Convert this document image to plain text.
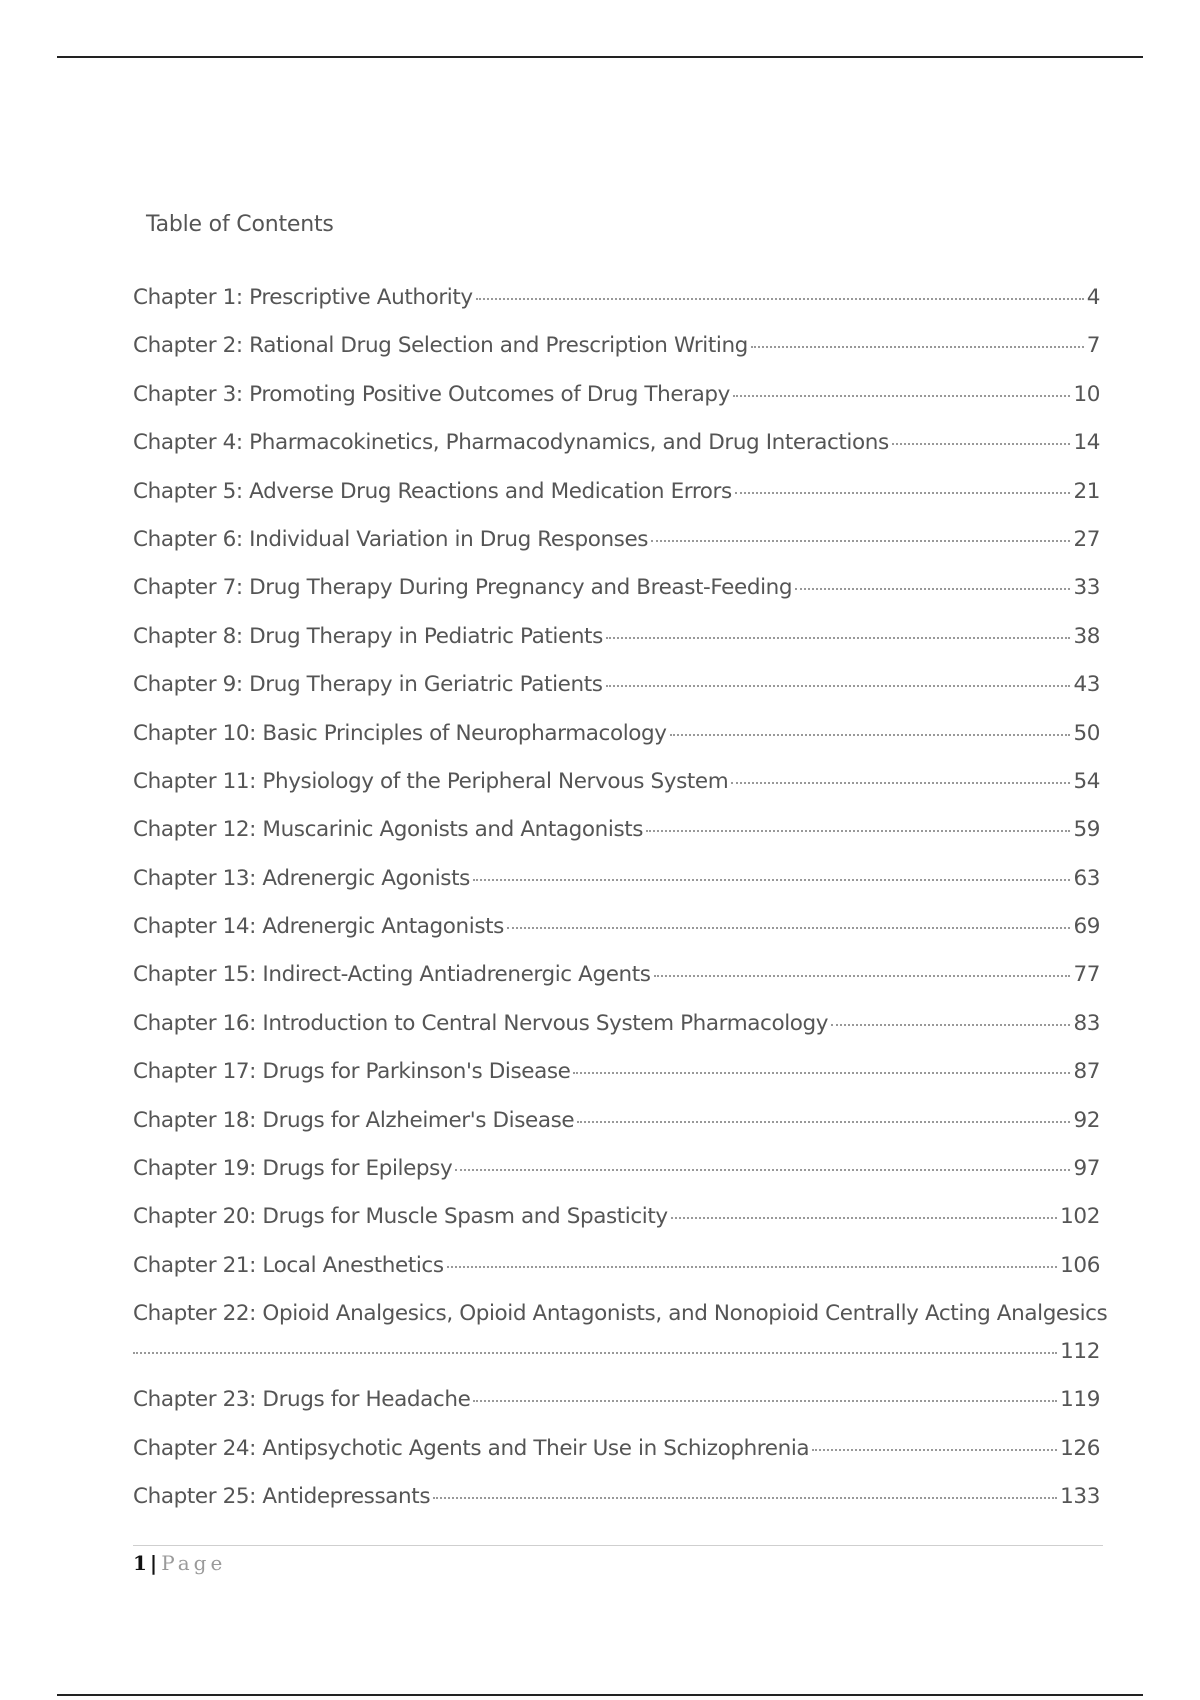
Table of Contents
Chapter 1: Prescriptive Authority	4
Chapter 2: Rational Drug Selection and Prescription Writing	7
Chapter 3: Promoting Positive Outcomes of Drug Therapy	10
Chapter 4: Pharmacokinetics, Pharmacodynamics, and Drug Interactions	14
Chapter 5: Adverse Drug Reactions and Medication Errors	21
Chapter 6: Individual Variation in Drug Responses	27
Chapter 7: Drug Therapy During Pregnancy and Breast-Feeding	33
Chapter 8: Drug Therapy in Pediatric Patients	38
Chapter 9: Drug Therapy in Geriatric Patients	43
Chapter 10: Basic Principles of Neuropharmacology	50
Chapter 11: Physiology of the Peripheral Nervous System	54
Chapter 12: Muscarinic Agonists and Antagonists	59
Chapter 13: Adrenergic Agonists	63
Chapter 14: Adrenergic Antagonists	69
Chapter 15: Indirect-Acting Antiadrenergic Agents	77
Chapter 16: Introduction to Central Nervous System Pharmacology	83
Chapter 17: Drugs for Parkinson's Disease	87
Chapter 18: Drugs for Alzheimer's Disease	92
Chapter 19: Drugs for Epilepsy	97
Chapter 20: Drugs for Muscle Spasm and Spasticity	102
Chapter 21: Local Anesthetics	106
Chapter 22: Opioid Analgesics, Opioid Antagonists, and Nonopioid Centrally Acting Analgesics
112
Chapter 23: Drugs for Headache	119
Chapter 24: Antipsychotic Agents and Their Use in Schizophrenia	126
Chapter 25: Antidepressants	133
1 | Page
